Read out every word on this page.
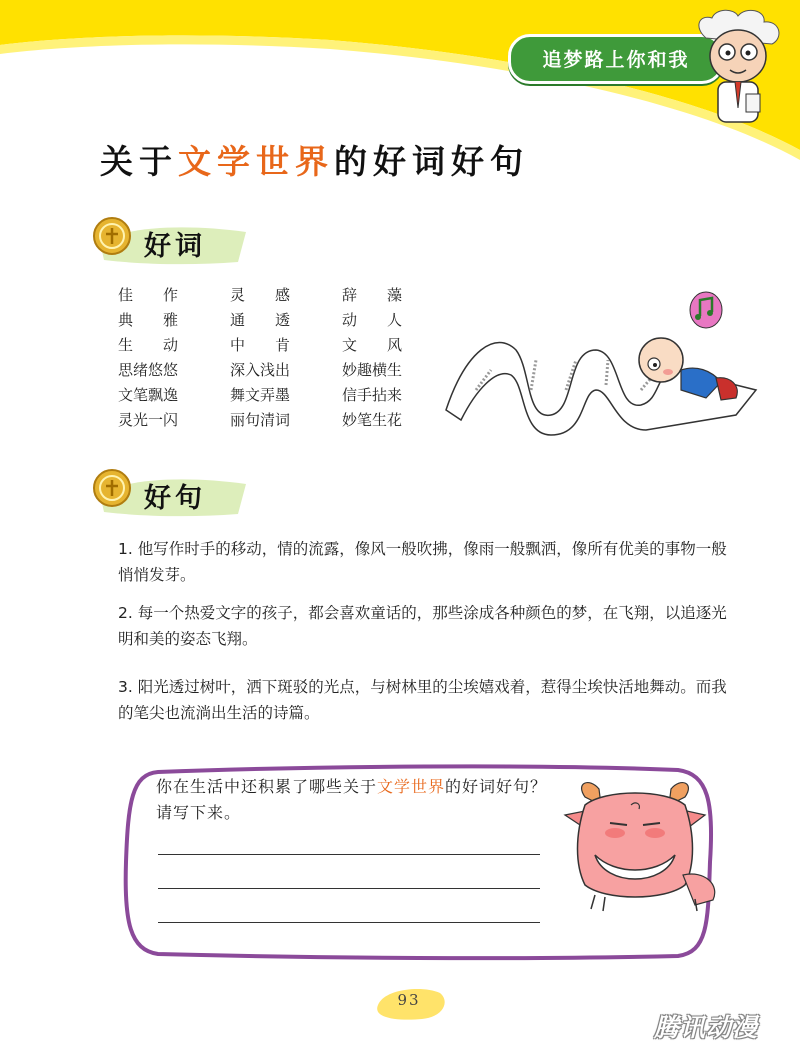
追梦路上你和我
关于文学世界的好词好句
好词
佳　　作	灵　　感	辞　　藻
典　　雅	通　　透	动　　人
生　　动	中　　肯	文　　风
思绪悠悠	深入浅出	妙趣横生
文笔飘逸	舞文弄墨	信手拈来
灵光一闪	丽句清词	妙笔生花
好句

1. 他写作时手的移动，情的流露，像风一般吹拂，像雨一般飘洒，像所有优美的事物一般悄悄发芽。

2. 每一个热爱文字的孩子，都会喜欢童话的，那些涂成各种颜色的梦，在飞翔，以追逐光明和美的姿态飞翔。

3. 阳光透过树叶，洒下斑驳的光点，与树林里的尘埃嬉戏着，惹得尘埃快活地舞动。而我的笔尖也流淌出生活的诗篇。

你在生活中还积累了哪些关于文学世界的好词好句？请写下来。

93
腾讯动漫
